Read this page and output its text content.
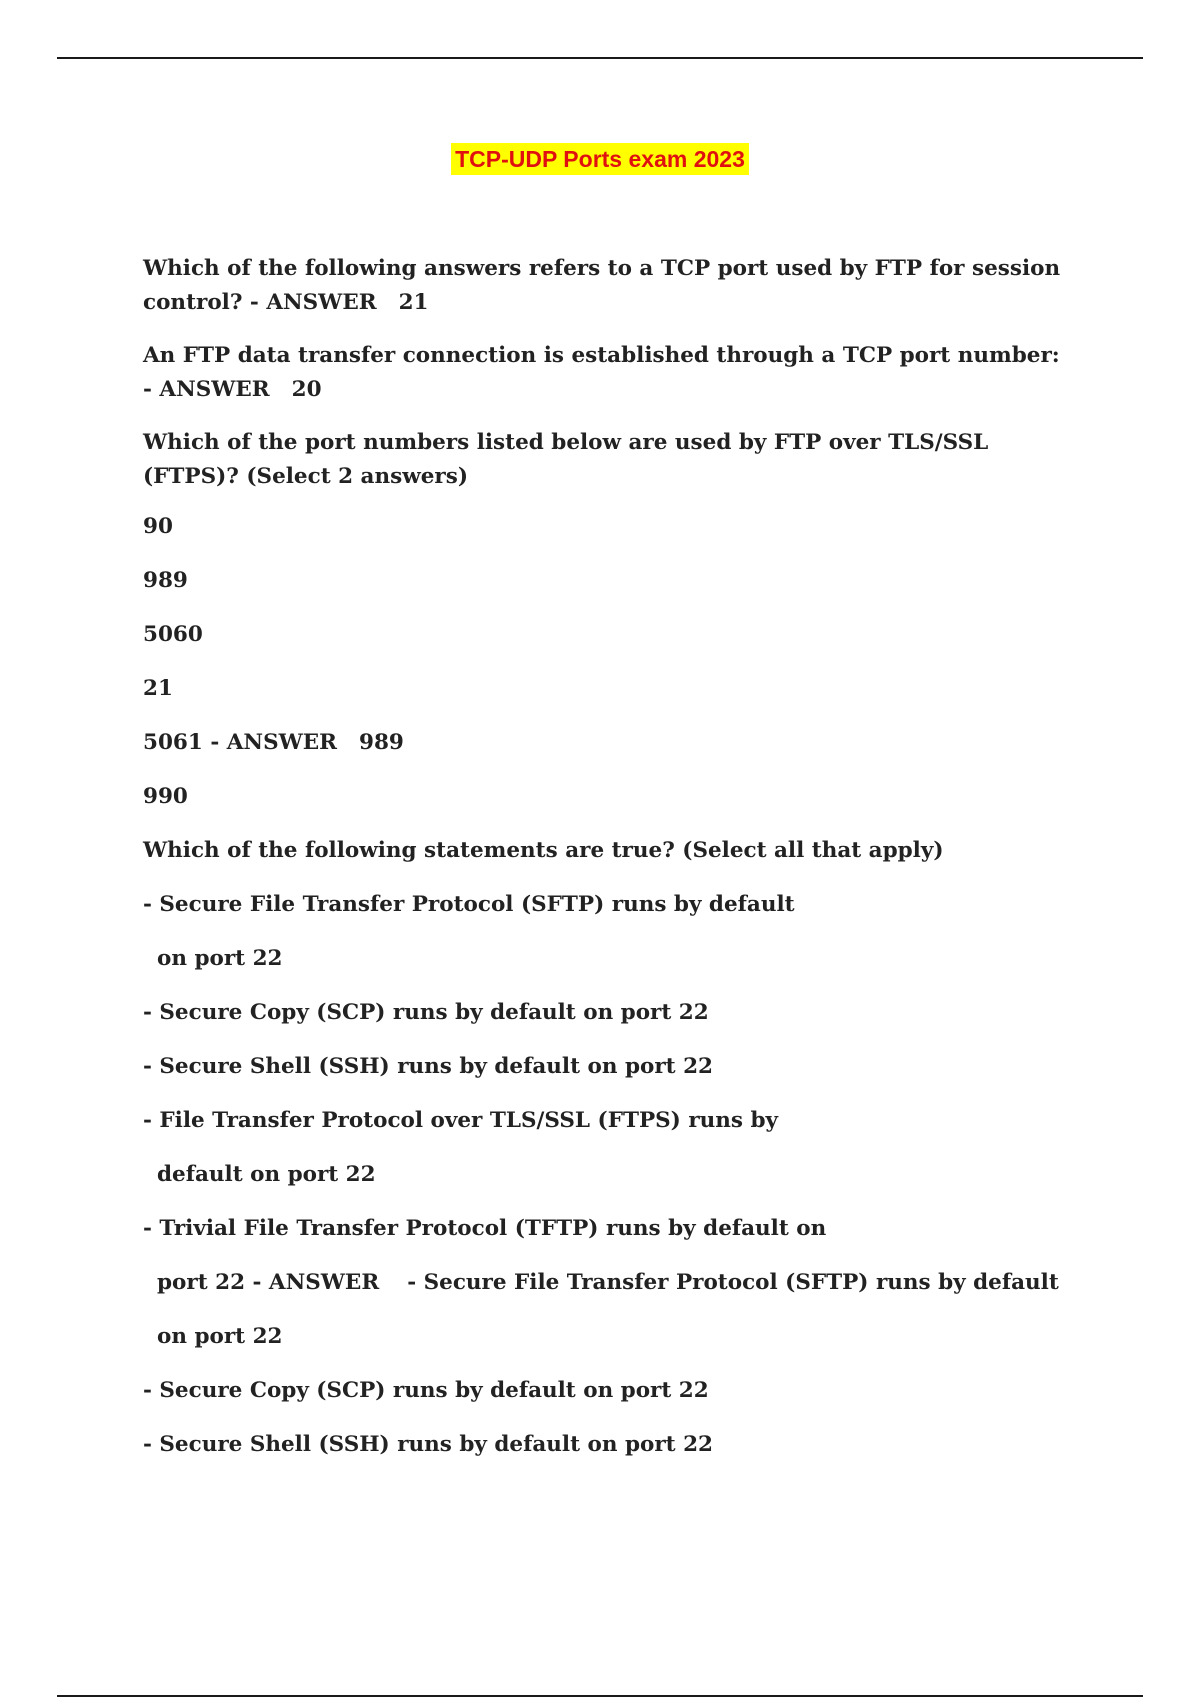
TCP-UDP Ports exam 2023
Which of the following answers refers to a TCP port used by FTP for session control? - ANSWER 21
An FTP data transfer connection is established through a TCP port number: - ANSWER 20
Which of the port numbers listed below are used by FTP over TLS/SSL (FTPS)? (Select 2 answers)
90
989
5060
21
5061 - ANSWER 989
990
Which of the following statements are true? (Select all that apply)
- Secure File Transfer Protocol (SFTP) runs by default
on port 22
- Secure Copy (SCP) runs by default on port 22
- Secure Shell (SSH) runs by default on port 22
- File Transfer Protocol over TLS/SSL (FTPS) runs by
default on port 22
- Trivial File Transfer Protocol (TFTP) runs by default on
port 22 - ANSWER - Secure File Transfer Protocol (SFTP) runs by default
on port 22
- Secure Copy (SCP) runs by default on port 22
- Secure Shell (SSH) runs by default on port 22
